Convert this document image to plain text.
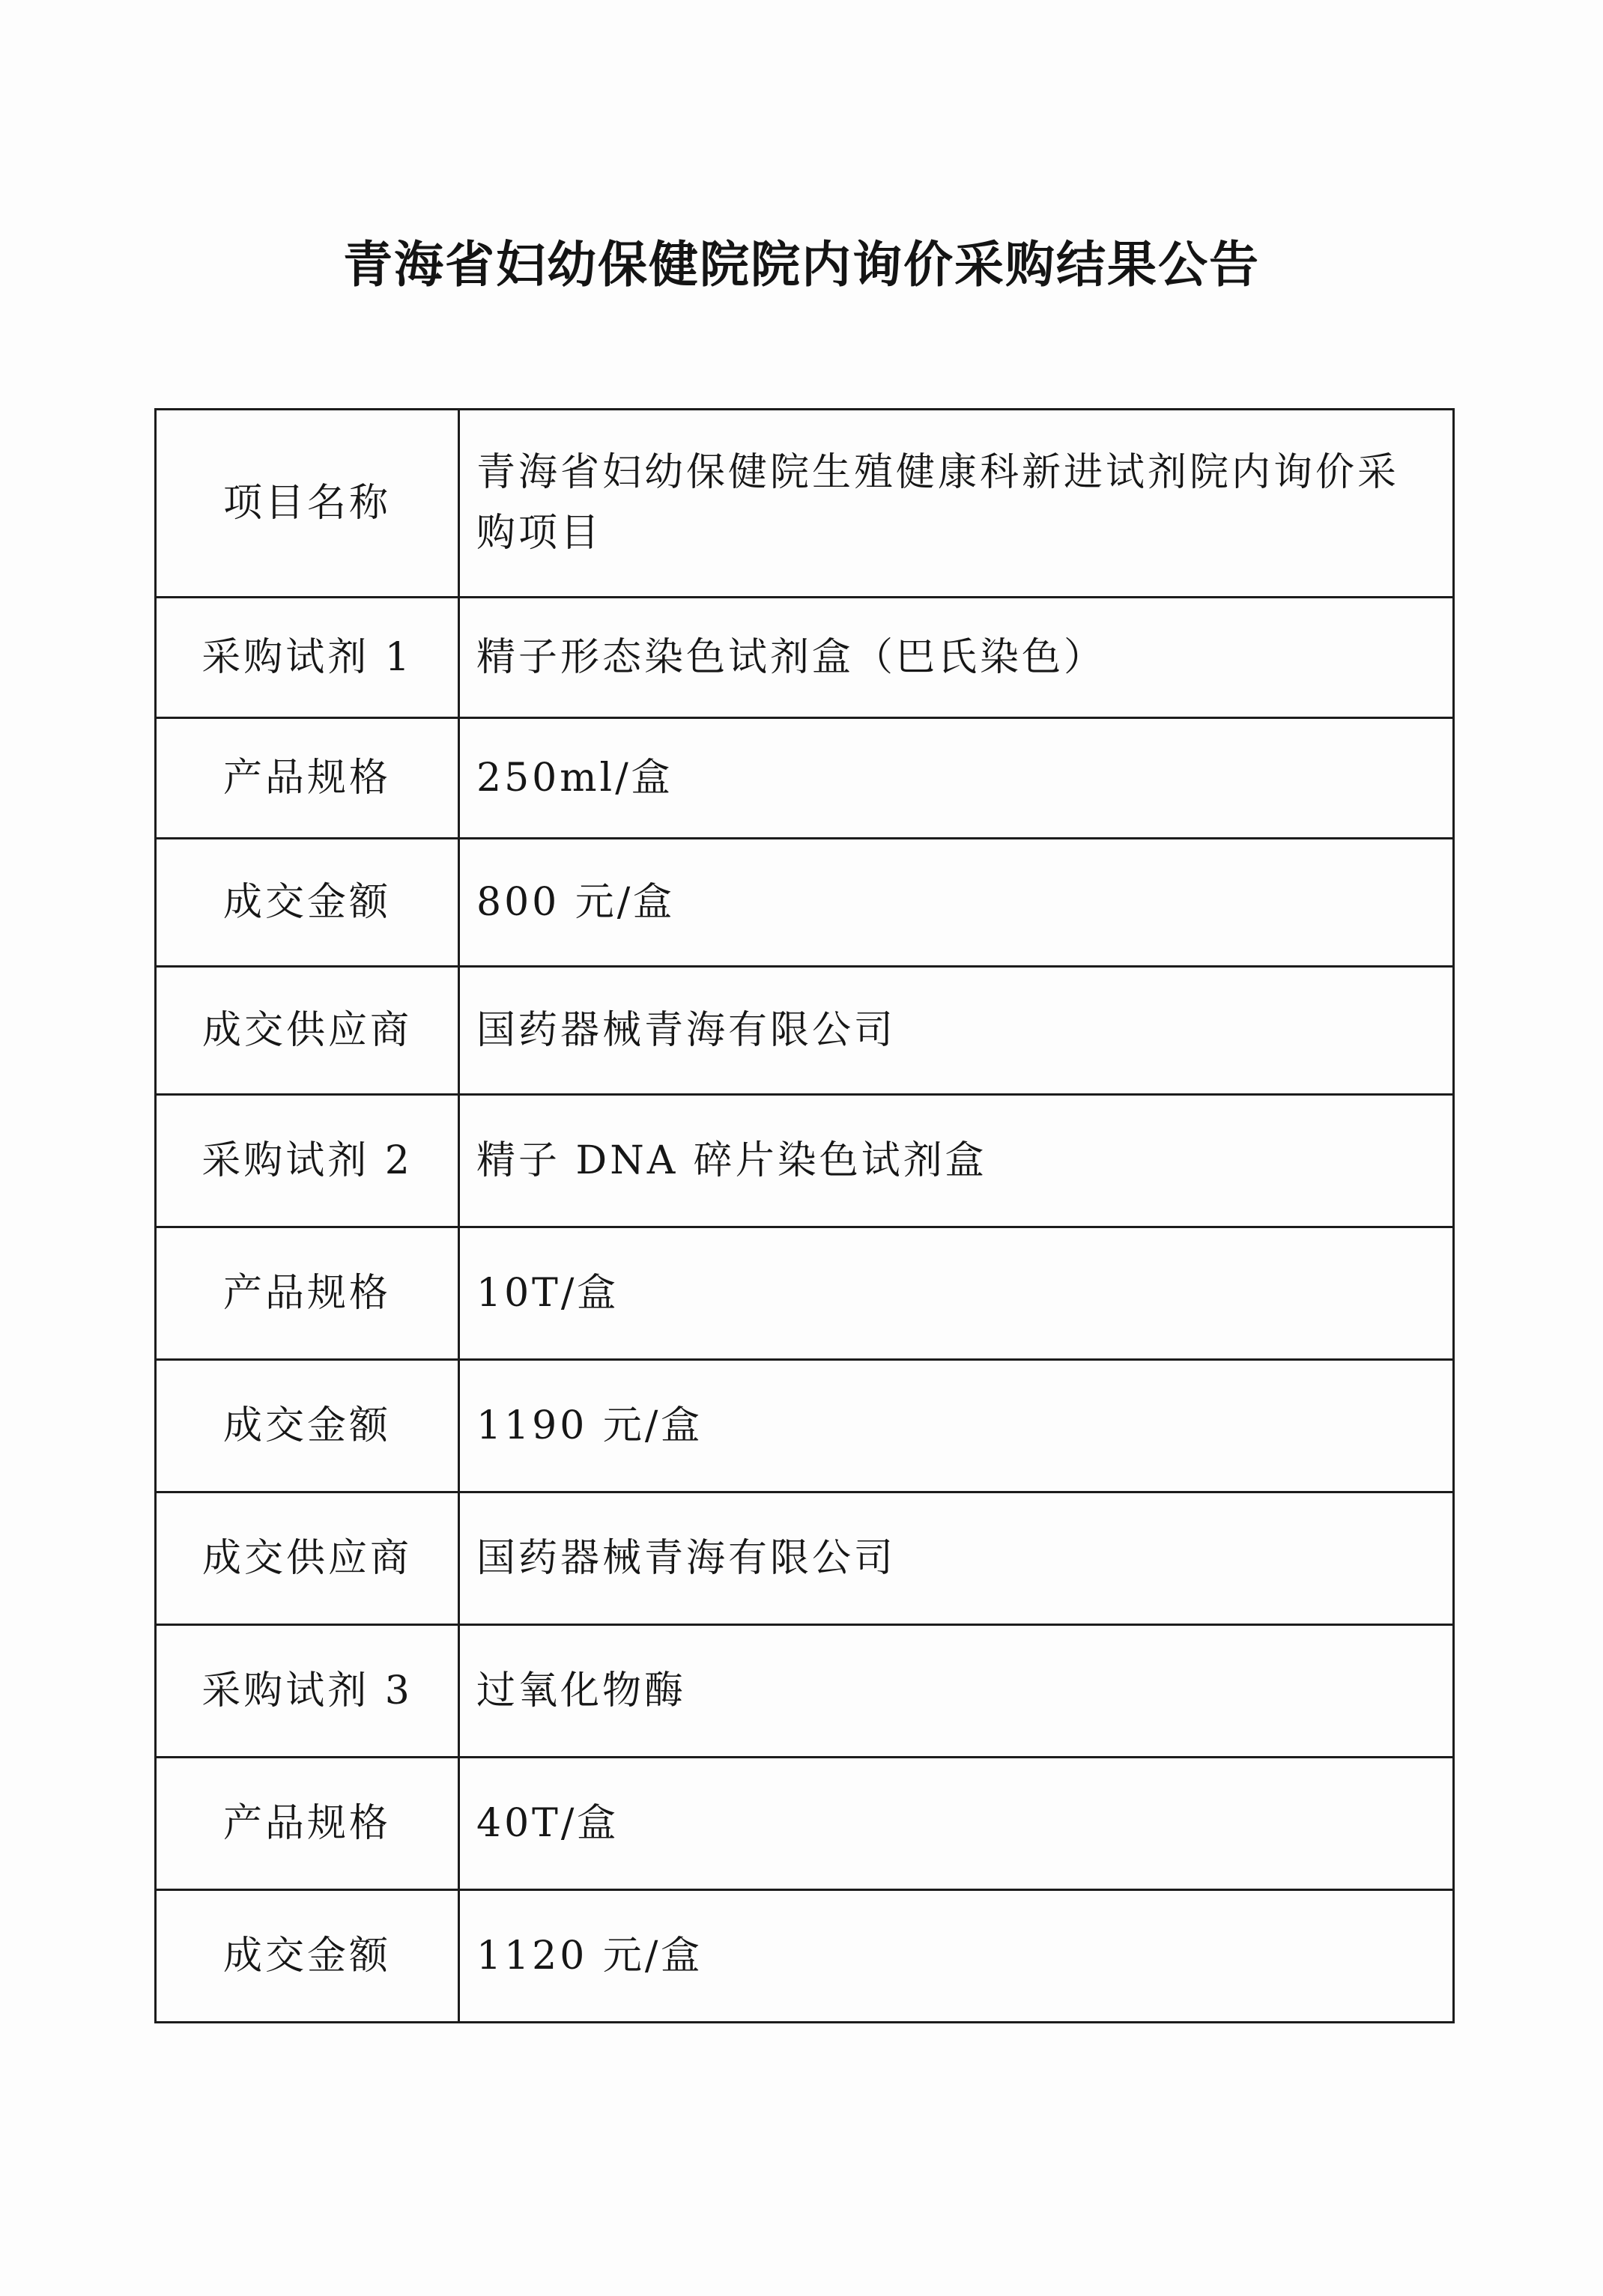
青海省妇幼保健院院内询价采购结果公告
项目名称	青海省妇幼保健院生殖健康科新进试剂院内询价采购项目
采购试剂 1	精子形态染色试剂盒（巴氏染色）
产品规格	250ml/盒
成交金额	800 元/盒
成交供应商	国药器械青海有限公司
采购试剂 2	精子 DNA 碎片染色试剂盒
产品规格	10T/盒
成交金额	1190 元/盒
成交供应商	国药器械青海有限公司
采购试剂 3	过氧化物酶
产品规格	40T/盒
成交金额	1120 元/盒
